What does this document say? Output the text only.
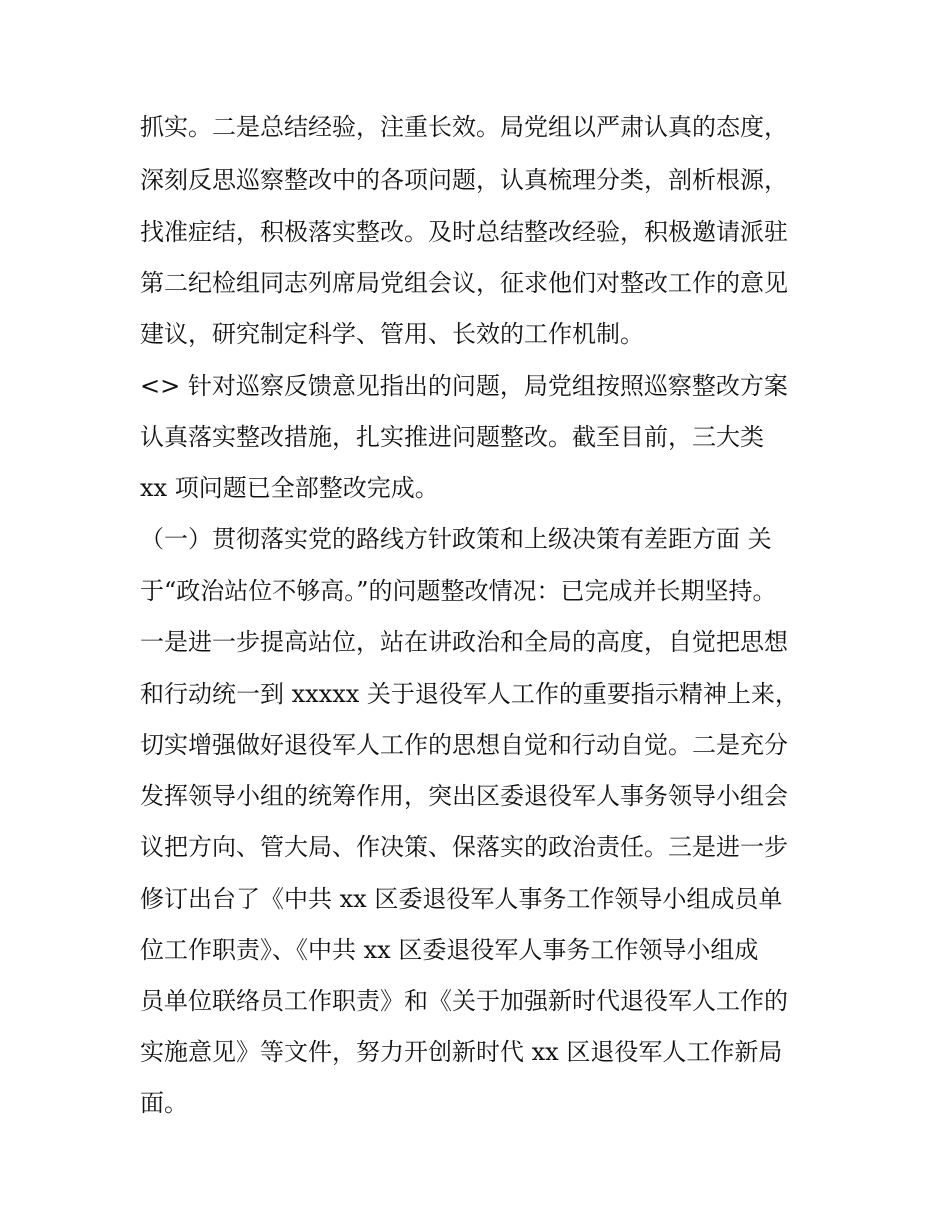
抓实。二是总结经验，注重长效。局党组以严肃认真的态度，
深刻反思巡察整改中的各项问题，认真梳理分类，剖析根源，
找准症结，积极落实整改。及时总结整改经验，积极邀请派驻
第二纪检组同志列席局党组会议，征求他们对整改工作的意见
建议，研究制定科学、管用、长效的工作机制。
<> 针对巡察反馈意见指出的问题，局党组按照巡察整改方案
认真落实整改措施，扎实推进问题整改。截至目前，三大类
xx 项问题已全部整改完成。
（一）贯彻落实党的路线方针政策和上级决策有差距方面 关
于“政治站位不够高。”的问题整改情况：已完成并长期坚持。
一是进一步提高站位，站在讲政治和全局的高度，自觉把思想
和行动统一到 xxxxx 关于退役军人工作的重要指示精神上来，
切实增强做好退役军人工作的思想自觉和行动自觉。二是充分
发挥领导小组的统筹作用，突出区委退役军人事务领导小组会
议把方向、管大局、作决策、保落实的政治责任。三是进一步
修订出台了《中共 xx 区委退役军人事务工作领导小组成员单
位工作职责》、《中共 xx 区委退役军人事务工作领导小组成
员单位联络员工作职责》和《关于加强新时代退役军人工作的
实施意见》等文件，努力开创新时代 xx 区退役军人工作新局
面。
